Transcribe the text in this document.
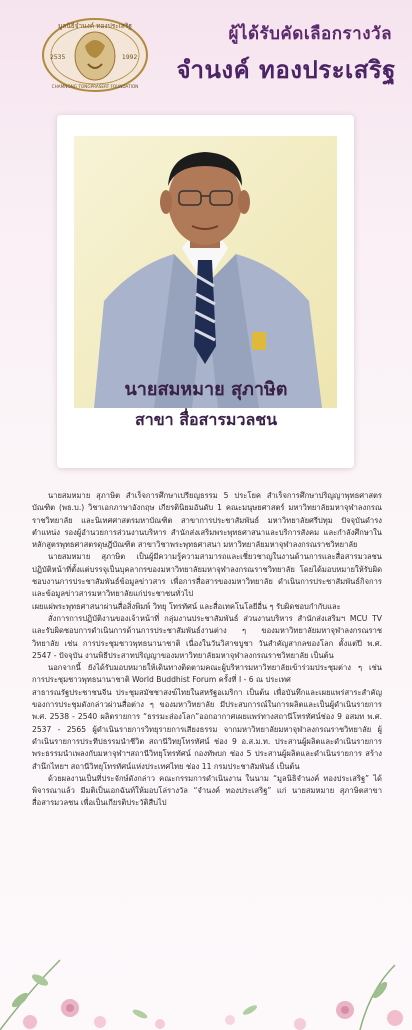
2535	1992
มูลนิธิจำนงค์ ทองประเสริฐ
CHAMNONG TONGPRASERT FOUNDATION
ผู้ได้รับคัดเลือกรางวัล
จำนงค์ ทองประเสริฐ
นายสมหมาย สุภาษิต
สาขา สื่อสารมวลชน

นายสมหมาย สุภาษิต สำเร็จการศึกษาเปรียญธรรม 5 ประโยค สำเร็จการศึกษาปริญญาพุทธศาสตรบัณฑิต (พธ.บ.) วิชาเอกภาษาอังกฤษ เกียรตินิยมอันดับ 1 คณะมนุษยศาสตร์ มหาวิทยาลัยมหาจุฬาลงกรณราชวิทยาลัย และนิเทศศาสตรมหาบัณฑิต สาขาการประชาสัมพันธ์ มหาวิทยาลัยศรีปทุม ปัจจุบันดำรงตำแหน่ง รองผู้อำนวยการส่วนงานบริหาร สำนักส่งเสริมพระพุทธศาสนาและบริการสังคม และกำลังศึกษาในหลักสูตรพุทธศาสตรดุษฎีบัณฑิต สาขาวิชาพระพุทธศาสนา มหาวิทยาลัยมหาจุฬาลงกรณราชวิทยาลัย

นายสมหมาย สุภาษิต เป็นผู้มีความรู้ความสามารถและเชี่ยวชาญในงานด้านการและสื่อสารมวลชน ปฏิบัติหน้าที่ตั้งแต่บรรจุเป็นบุคลากรของมหาวิทยาลัยมหาจุฬาลงกรณราชวิทยาลัย โดยได้มอบหมายให้รับผิดชอบงานการประชาสัมพันธ์ข้อมูลข่าวสาร เพื่อการสื่อสารของมหาวิทยาลัย ดำเนินการประชาสัมพันธ์กิจการและข้อมูลข่าวสารมหาวิทยาลัยแก่ประชาชนทั่วไป

เผยแผ่พระพุทธศาสนาผ่านสื่อสิ่งพิมพ์ วิทยุ โทรทัศน์ และสื่อเทคโนโลยีอื่น ๆ รับผิดชอบกำกับและ

สั่งการการปฏิบัติงานของเจ้าหน้าที่ กลุ่มงานประชาสัมพันธ์ ส่วนงานบริหาร สำนักส่งเสริมฯ MCU TV และรับผิดชอบการดำเนินการด้านการประชาสัมพันธ์งานต่าง ๆ ของมหาวิทยาลัยมหาจุฬาลงกรณราชวิทยาลัย เช่น การประชุมชาวพุทธนานาชาติ เนื่องในวันวิสาขบูชา วันสำคัญสากลของโลก ตั้งแต่ปี พ.ศ. 2547 - ปัจจุบัน งานพิธีประสาทปริญญาของมหาวิทยาลัยมหาจุฬาลงกรณราชวิทยาลัย เป็นต้น

นอกจากนี้ ยังได้รับมอบหมายให้เดินทางติดตามคณะผู้บริหารมหาวิทยาลัยเข้าร่วมประชุมต่าง ๆ เช่น การประชุมชาวพุทธนานาชาติ World Buddhist Forum ครั้งที่ I - 6 ณ ประเทศ

สาธารณรัฐประชาชนจีน ประชุมสมัชชาสงฆ์ไทยในสหรัฐอเมริกา เป็นต้น เพื่อบันทึกและเผยแพร่สาระสำคัญของการประชุมดังกล่าวผ่านสื่อต่าง ๆ ของมหาวิทยาลัย มีประสบการณ์ในการผลิตและเป็นผู้ดำเนินรายการ พ.ศ. 2538 - 2540 ผลิตรายการ “ธรรมะส่องโลก”ออกอากาศเผยแพร่ทางสถานีโทรทัศน์ช่อง 9 อสมท พ.ศ. 2537 - 2565 ผู้ดำเนินรายการวิทยุรายการเสียงธรรม จากมหาวิทยาลัยมหาจุฬาลงกรณราชวิทยาลัย ผู้ดำเนินรายการประทีปธรรมนำชีวิต สถานีวิทยุโทรทัศน์ ช่อง 9 อ.ส.ม.ท. ประสานผู้ผลิตและดำเนินรายการ พระธรรมนำเพลงกับมหาจุฬาฯสถานีวิทยุโทรทัศน์ กองทัพบก ช่อง 5 ประสานผู้ผลิตและดำเนินรายการ สร้างสำนึกไทยฯ สถานีวิทยุโทรทัศน์แห่งประเทศไทย ช่อง 11 กรมประชาสัมพันธ์ เป็นต้น

ด้วยผลงานเป็นที่ประจักษ์ดังกล่าว คณะกรรมการดำเนินงาน ในนาม “มูลนิธิจำนงค์ ทองประเสริฐ” ได้พิจารณาแล้ว มีมติเป็นเอกฉันท์ให้มอบโล่รางวัล “จำนงค์ ทองประเสริฐ” แก่ นายสมหมาย สุภาษิตสาขาสื่อสารมวลชน เพื่อเป็นเกียรติประวัติสืบไป
